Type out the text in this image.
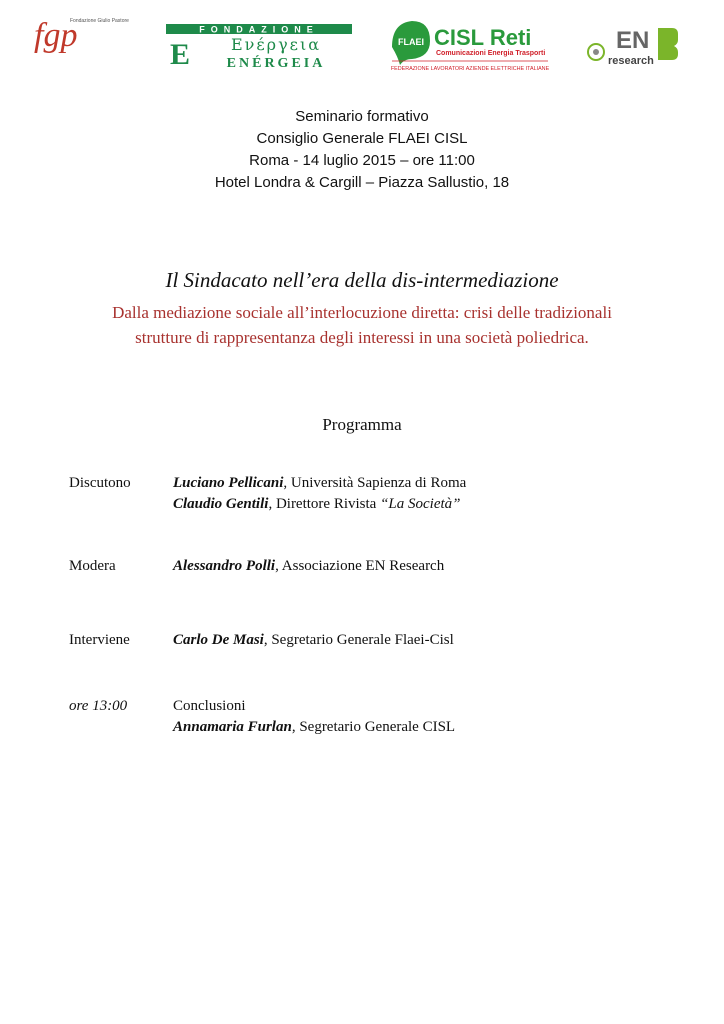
fgp
Fondazione Giulio Pastore
FONDAZIONE
E	Ενέργεια
ENÉRGEIA
FLAEI CISL Reti
Comunicazioni Energia Trasporti
FEDERAZIONE LAVORATORI AZIENDE ELETTRICHE ITALIANE
EN
research
Seminario formativo
Consiglio Generale FLAEI CISL
Roma - 14 luglio 2015 – ore 11:00
Hotel Londra & Cargill – Piazza Sallustio, 18
Il Sindacato nell’era della dis-intermediazione
Dalla mediazione sociale all’interlocuzione diretta: crisi delle tradizionali
strutture di rappresentanza degli interessi in una società poliedrica.
Programma
Discutono	Luciano Pellicani, Università Sapienza di Roma
Claudio Gentili, Direttore Rivista “La Società”
Modera	Alessandro Polli, Associazione EN Research
Interviene	Carlo De Masi, Segretario Generale Flaei-Cisl
ore 13:00	Conclusioni
Annamaria Furlan, Segretario Generale CISL
